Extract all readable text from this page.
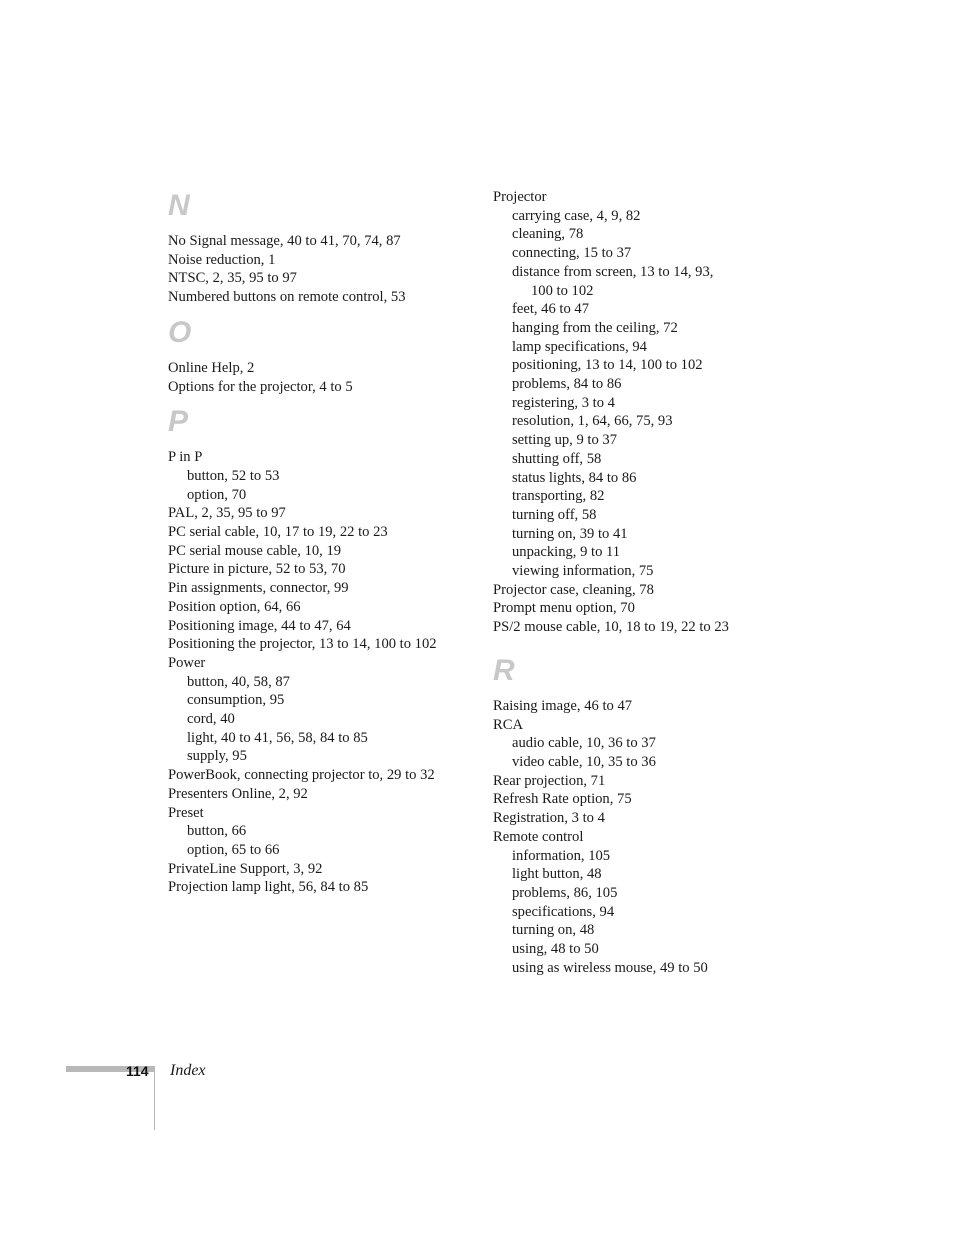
N
No Signal message, 40 to 41, 70, 74, 87
Noise reduction, 1
NTSC, 2, 35, 95 to 97
Numbered buttons on remote control, 53
O
Online Help, 2
Options for the projector, 4 to 5
P
P in P
button, 52 to 53
option, 70
PAL, 2, 35, 95 to 97
PC serial cable, 10, 17 to 19, 22 to 23
PC serial mouse cable, 10, 19
Picture in picture, 52 to 53, 70
Pin assignments, connector, 99
Position option, 64, 66
Positioning image, 44 to 47, 64
Positioning the projector, 13 to 14, 100 to 102
Power
button, 40, 58, 87
consumption, 95
cord, 40
light, 40 to 41, 56, 58, 84 to 85
supply, 95
PowerBook, connecting projector to, 29 to 32
Presenters Online, 2, 92
Preset
button, 66
option, 65 to 66
PrivateLine Support, 3, 92
Projection lamp light, 56, 84 to 85
Projector
carrying case, 4, 9, 82
cleaning, 78
connecting, 15 to 37
distance from screen, 13 to 14, 93,
100 to 102
feet, 46 to 47
hanging from the ceiling, 72
lamp specifications, 94
positioning, 13 to 14, 100 to 102
problems, 84 to 86
registering, 3 to 4
resolution, 1, 64, 66, 75, 93
setting up, 9 to 37
shutting off, 58
status lights, 84 to 86
transporting, 82
turning off, 58
turning on, 39 to 41
unpacking, 9 to 11
viewing information, 75
Projector case, cleaning, 78
Prompt menu option, 70
PS/2 mouse cable, 10, 18 to 19, 22 to 23
R
Raising image, 46 to 47
RCA
audio cable, 10, 36 to 37
video cable, 10, 35 to 36
Rear projection, 71
Refresh Rate option, 75
Registration, 3 to 4
Remote control
information, 105
light button, 48
problems, 86, 105
specifications, 94
turning on, 48
using, 48 to 50
using as wireless mouse, 49 to 50
114 Index
